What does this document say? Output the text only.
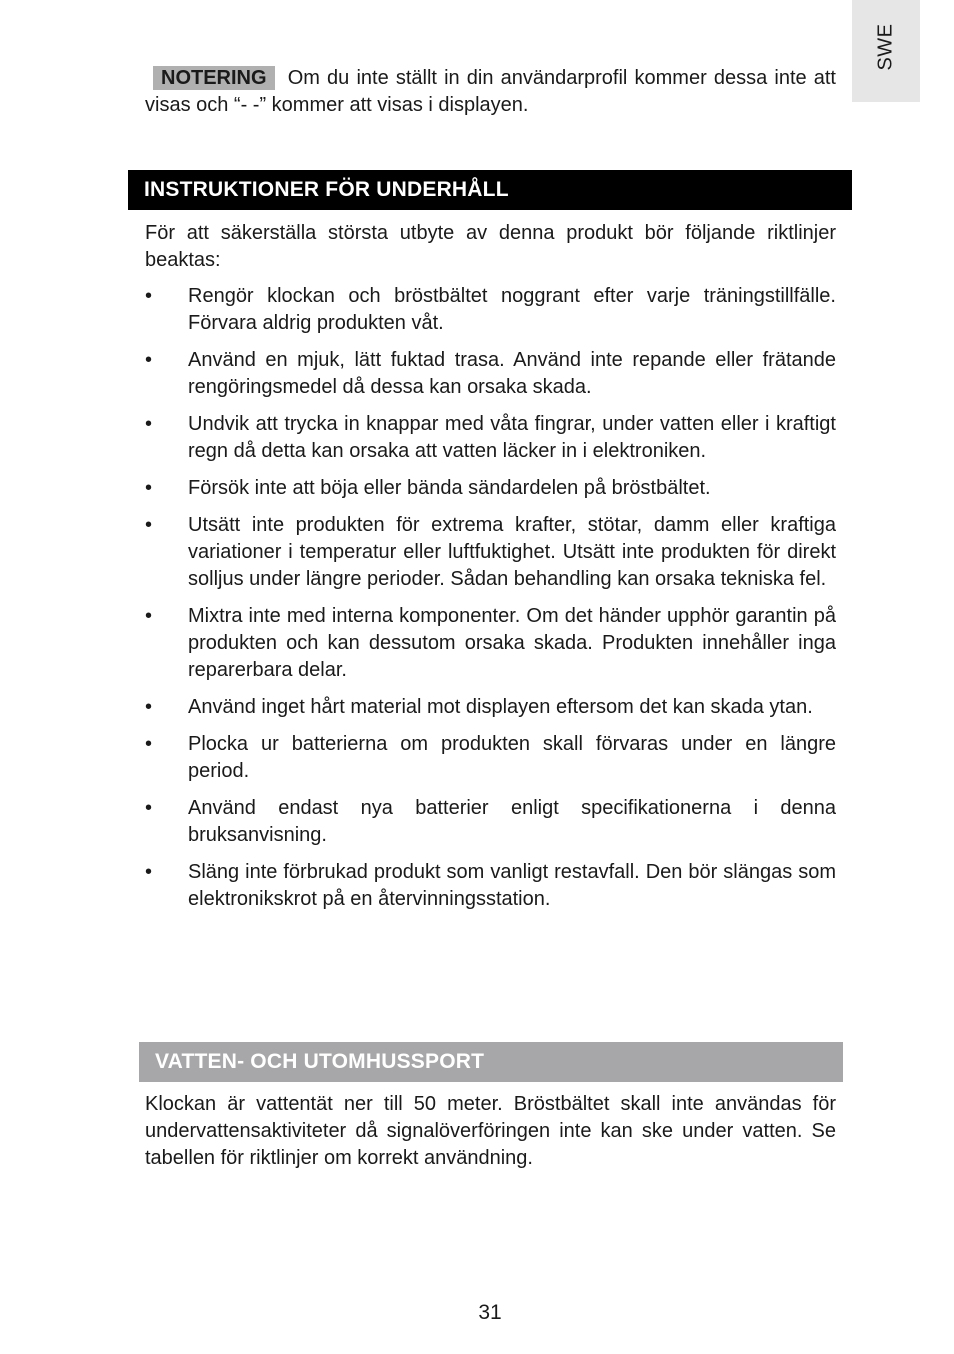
SWE

NOTERING Om du inte ställt in din användarprofil kommer dessa inte att visas och “- -” kommer att visas i displayen.

INSTRUKTIONER FÖR UNDERHÅLL

För att säkerställa största utbyte av denna produkt bör följande riktlinjer beaktas:

• Rengör klockan och bröstbältet noggrant efter varje träningstillfälle. Förvara aldrig produkten våt.
• Använd en mjuk, lätt fuktad trasa. Använd inte repande eller frätande rengöringsmedel då dessa kan orsaka skada.
• Undvik att trycka in knappar med våta fingrar, under vatten eller i kraftigt regn då detta kan orsaka att vatten läcker in i elektroniken.
• Försök inte att böja eller bända sändardelen på bröstbältet.
• Utsätt inte produkten för extrema krafter, stötar, damm eller kraftiga variationer i temperatur eller luftfuktighet. Utsätt inte produkten för direkt solljus under längre perioder. Sådan behandling kan orsaka tekniska fel.
• Mixtra inte med interna komponenter. Om det händer upphör garantin på produkten och kan dessutom orsaka skada. Produkten innehåller inga reparerbara delar.
• Använd inget hårt material mot displayen eftersom det kan skada ytan.
• Plocka ur batterierna om produkten skall förvaras under en längre period.
• Använd endast nya batterier enligt specifikationerna i denna bruksanvisning.
• Släng inte förbrukad produkt som vanligt restavfall. Den bör slängas som elektronikskrot på en återvinningsstation.
VATTEN- OCH UTOMHUSSPORT

Klockan är vattentät ner till 50 meter. Bröstbältet skall inte användas för undervattensaktiviteter då signalöverföringen inte kan ske under vatten. Se tabellen för riktlinjer om korrekt användning.

31
